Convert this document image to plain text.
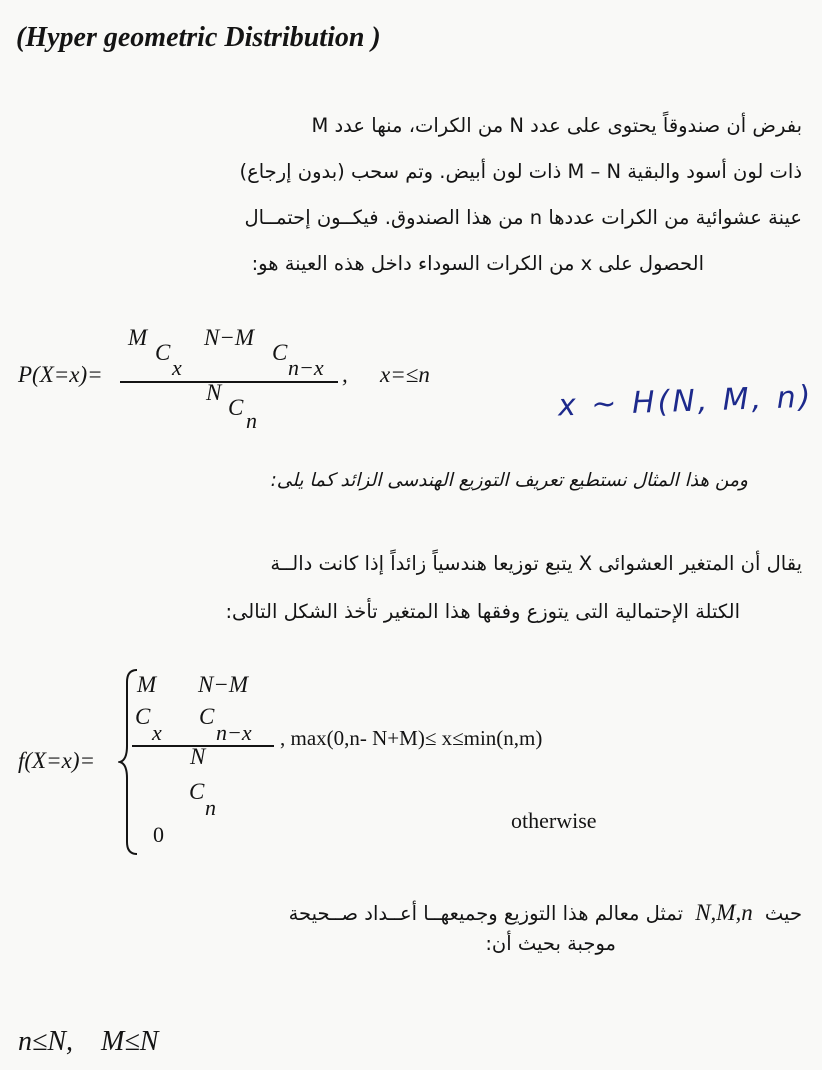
(Hyper geometric Distribution )
بفرض أن صندوقاً يحتوى على عدد N من الكرات، منها عدد M
ذات لون أسود والبقية M – N ذات لون أبيض. وتم سحب (بدون إرجاع)
عينة عشوائية من الكرات عددها n من هذا الصندوق. فيكــون إحتمــال
الحصول على x من الكرات السوداء داخل هذه العينة هو:
P(X=x)=
M
C
x
N−M
C
n−x
N
C
n
, x=≤n
x ~ H(N, M, n)
ومن هذا المثال نستطيع تعريف التوزيع الهندسى الزائد كما يلى:
يقال أن المتغير العشوائى X يتبع توزيعا هندسياً زائداً إذا كانت دالــة
الكتلة الإحتمالية التى يتوزع وفقها هذا المتغير تأخذ الشكل التالى:
f(X=x)=
M N−M
C
x
C
n−x
N
C
n
, max(0,n- N+M)≤ x≤min(n,m)
0
otherwise
حيث N,M,n تمثل معالم هذا التوزيع وجميعهــا أعــداد صــحيحة
موجبة بحيث أن:
n≤N,    M≤N
